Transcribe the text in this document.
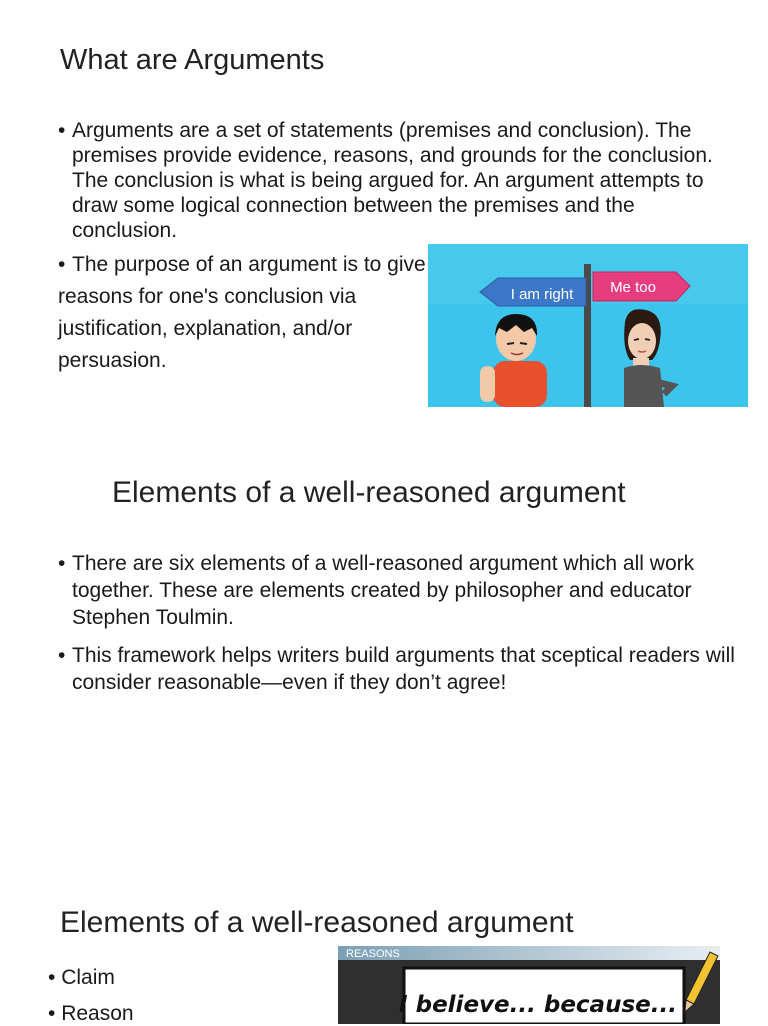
What are Arguments

• Arguments are a set of statements (premises and conclusion). The premises provide evidence, reasons, and grounds for the conclusion. The conclusion is what is being argued for. An argument attempts to draw some logical connection between the premises and the conclusion.

• The purpose of an argument is to give reasons for one's conclusion via justification, explanation, and/or persuasion.

I am right Me too
Elements of a well-reasoned argument

• There are six elements of a well-reasoned argument which all work together. These are elements created by philosopher and educator Stephen Toulmin.

• This framework helps writers build arguments that sceptical readers will consider reasonable—even if they don’t agree!

Elements of a well-reasoned argument
• Claim
• Reason
REASONS
I believe... because...
